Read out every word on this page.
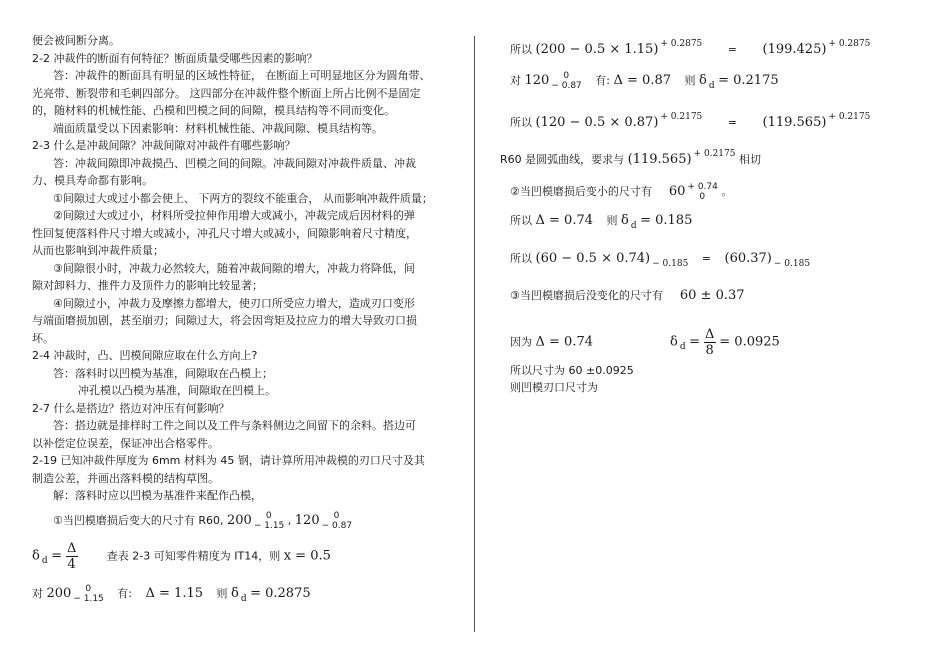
便会被间断分离。
2-2 冲裁件的断面有何特征？断面质量受哪些因素的影响？
答：冲裁件的断面具有明显的区域性特征， 在断面上可明显地区分为圆角带、
光亮带、断裂带和毛刺四部分。 这四部分在冲裁件整个断面上所占比例不是固定
的，随材料的机械性能、凸模和凹模之间的间隙，模具结构等不同而变化。
端面质量受以下因素影响：材料机械性能、冲裁间隙、模具结构等。
2-3 什么是冲裁间隙？冲裁间隙对冲裁件有哪些影响？
答：冲裁间隙即冲裁摸凸、凹模之间的间隙。冲裁间隙对冲裁件质量、冲裁
力、模具寿命都有影响。
①间隙过大或过小都会使上、 下两方的裂纹不能重合， 从而影响冲裁件质量；
②间隙过大或过小，材料所受拉伸作用增大或减小，冲裁完成后因材料的弹
性回复使落料件尺寸增大或减小，冲孔尺寸增大或减小，间隙影响着尺寸精度，
从而也影响到冲裁件质量；
③间隙很小时，冲裁力必然较大，随着冲裁间隙的增大，冲裁力将降低，间
隙对卸料力、推件力及顶件力的影响比较显著；
④间隙过小，冲裁力及摩擦力都增大，使刃口所受应力增大，造成刃口变形
与端面磨损加剧，甚至崩刃；间隙过大，将会因弯矩及拉应力的增大导致刃口损
坏。
2-4 冲裁时，凸、凹模间隙应取在什么方向上?
答：落料时以凹模为基准，间隙取在凸模上；
冲孔模以凸模为基准，间隙取在凹模上。
2-7 什么是搭边？搭边对冲压有何影响？
答：搭边就是排样时工件之间以及工件与条料侧边之间留下的余料。搭边可
以补偿定位误差，保证冲出合格零件。
2-19 已知冲裁件厚度为 6mm 材料为 45 钢，请计算所用冲裁模的刃口尺寸及其
制造公差，并画出落料模的结构草图。
解：落料时应以凹模为基准件来配作凸模，
①当凹模磨损后变大的尺寸有 R60, 200	0
− 1.15 , 120	0
− 0.87
δ $_d = \frac{\Delta}{4}$	查表 2-3 可知零件精度为 IT14，则 x = 0.5
对 200	0
− 1.15 有: Δ = 1.15 则 δ $_d$ = 0.2875
所以 (200 − 0.5 × 1.15) $^{+ 0.2875}$ = (199.425) $^{+ 0.2875}$
对 120	0
− 0.87 有: Δ = 0.87 则 δ $_d$ = 0.2175
所以 (120 − 0.5 × 0.87) $^{+ 0.2175}$ = (119.565) $^{+ 0.2175}$
R60 是圆弧曲线，要求与 (119.565) $^{+ 0.2175}$ 相切
②当凹模磨损后变小的尺寸有 60 + 0.74
0	。
所以 Δ = 0.74 则 δ $_d$ = 0.185
所以 (60 − 0.5 × 0.74) $_{- 0.185}$ = (60.37) $_{- 0.185}$
③当凹模磨损后没变化的尺寸有 60 ± 0.37
因为 Δ = 0.74	δ $_d = \frac{\Delta}{8} = 0.0925$
所以尺寸为 60 ±0.0925
则凹模刃口尺寸为
